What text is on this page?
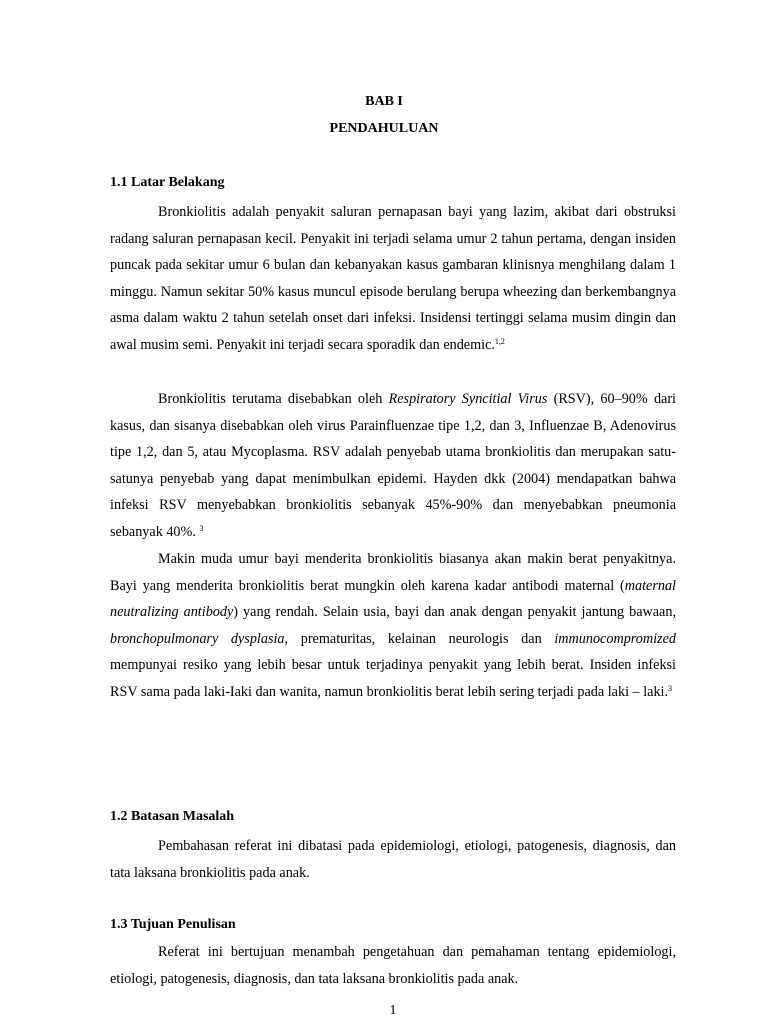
BAB I
PENDAHULUAN
1.1 Latar Belakang

Bronkiolitis adalah penyakit saluran pernapasan bayi yang lazim, akibat dari obstruksi radang saluran pernapasan kecil. Penyakit ini terjadi selama umur 2 tahun pertama, dengan insiden puncak pada sekitar umur 6 bulan dan kebanyakan kasus gambaran klinisnya menghilang dalam 1 minggu. Namun sekitar 50% kasus muncul episode berulang berupa wheezing dan berkembangnya asma dalam waktu 2 tahun setelah onset dari infeksi. Insidensi tertinggi selama musim dingin dan awal musim semi. Penyakit ini terjadi secara sporadik dan endemic.$^{1,2}$

Bronkiolitis terutama disebabkan oleh Respiratory Syncitial Virus (RSV), 60–90% dari kasus, dan sisanya disebabkan oleh virus Parainfluenzae tipe 1,2, dan 3, Influenzae B, Adenovirus tipe 1,2, dan 5, atau Mycoplasma. RSV adalah penyebab utama bronkiolitis dan merupakan satu-satunya penyebab yang dapat menimbulkan epidemi. Hayden dkk (2004) mendapatkan bahwa infeksi RSV menyebabkan bronkiolitis sebanyak 45%-90% dan menyebabkan pneumonia sebanyak 40%. $^3$

Makin muda umur bayi menderita bronkiolitis biasanya akan makin berat penyakitnya. Bayi yang menderita bronkiolitis berat mungkin oleh karena kadar antibodi maternal (maternal neutralizing antibody) yang rendah. Selain usia, bayi dan anak dengan penyakit jantung bawaan, bronchopulmonary dysplasia, prematuritas, kelainan neurologis dan immunocompromized mempunyai resiko yang lebih besar untuk terjadinya penyakit yang lebih berat. Insiden infeksi RSV sama pada laki-Iaki dan wanita, namun bronkiolitis berat lebih sering terjadi pada laki – laki.$^3$

1.2 Batasan Masalah

Pembahasan referat ini dibatasi pada epidemiologi, etiologi, patogenesis, diagnosis, dan tata laksana bronkiolitis pada anak.

1.3 Tujuan Penulisan

Referat ini bertujuan menambah pengetahuan dan pemahaman tentang epidemiologi, etiologi, patogenesis, diagnosis, dan tata laksana bronkiolitis pada anak.

1
